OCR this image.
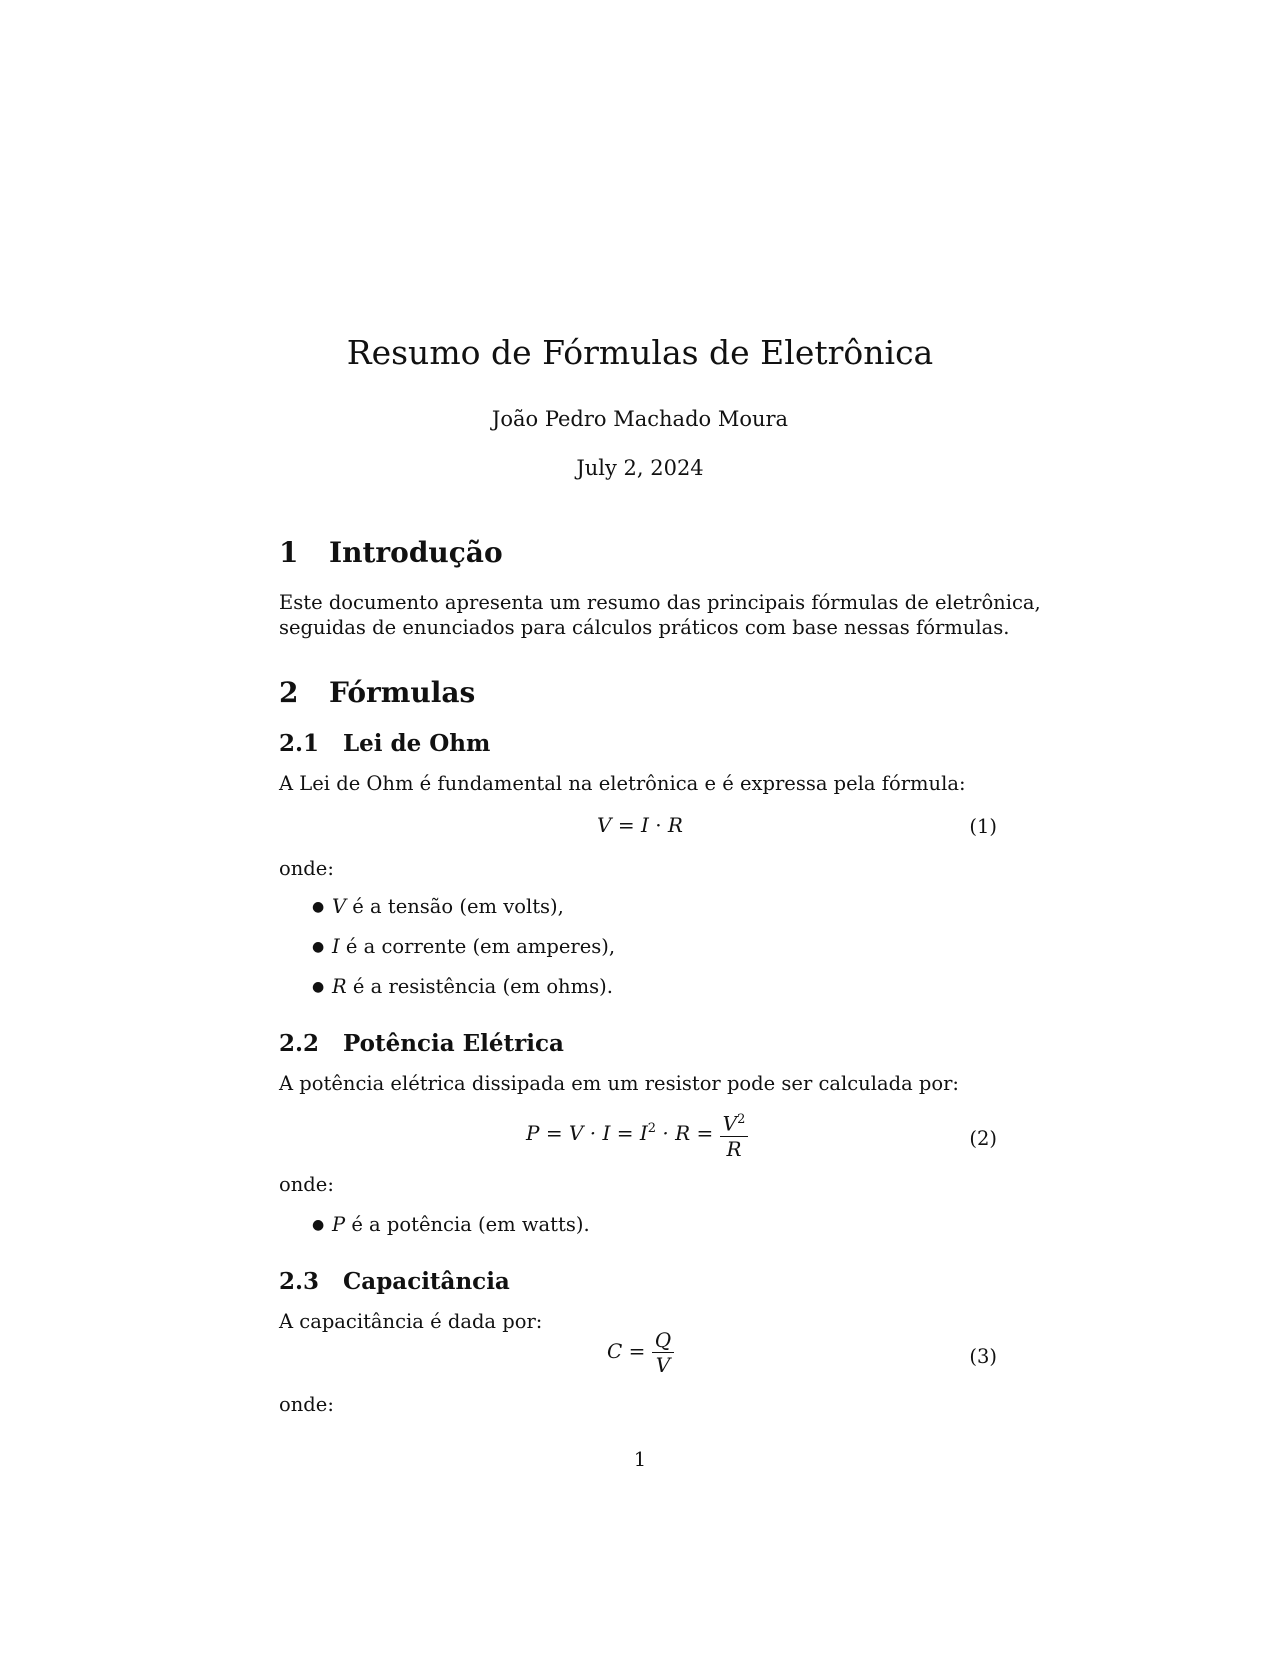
Resumo de Fórmulas de Eletrônica
João Pedro Machado Moura
July 2, 2024
1 Introdução
Este documento apresenta um resumo das principais fórmulas de eletrônica,
seguidas de enunciados para cálculos práticos com base nessas fórmulas.
2 Fórmulas
2.1 Lei de Ohm
A Lei de Ohm é fundamental na eletrônica e é expressa pela fórmula:
V = I · R	(1)
onde:
● V é a tensão (em volts),
● I é a corrente (em amperes),
● R é a resistência (em ohms).
2.2 Potência Elétrica
A potência elétrica dissipada em um resistor pode ser calculada por:
$P = V \cdot I = I^2 \cdot R = \frac{V^2}{R}$	(2)
onde:
● P é a potência (em watts).
2.3 Capacitância
A capacitância é dada por:
$C = \frac{Q}{V}$	(3)
onde:
1
